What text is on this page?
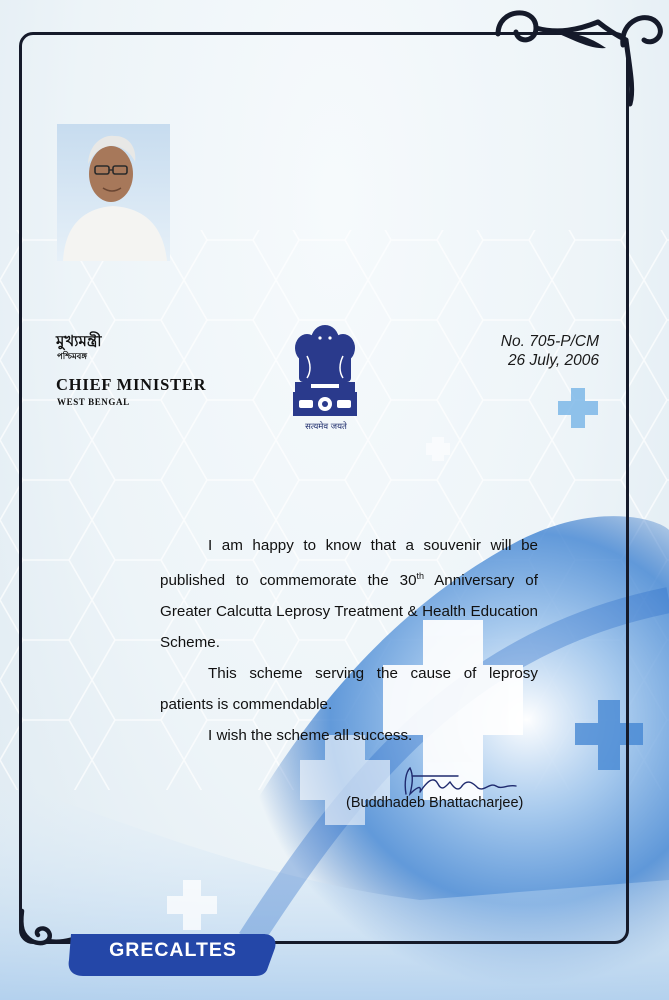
মুখ্যমন্ত্রী
পশ্চিমবঙ্গ
CHIEF MINISTER
WEST BENGAL
सत्यमेव जयते
No. 705-P/CM
26 July, 2006

I am happy to know that a souvenir will be published to commemorate the 30th Anniversary of Greater Calcutta Leprosy Treatment & Health Education Scheme.

This scheme serving the cause of leprosy patients is commendable.

I wish the scheme all success.

(Buddhadeb Bhattacharjee)
GRECALTES
